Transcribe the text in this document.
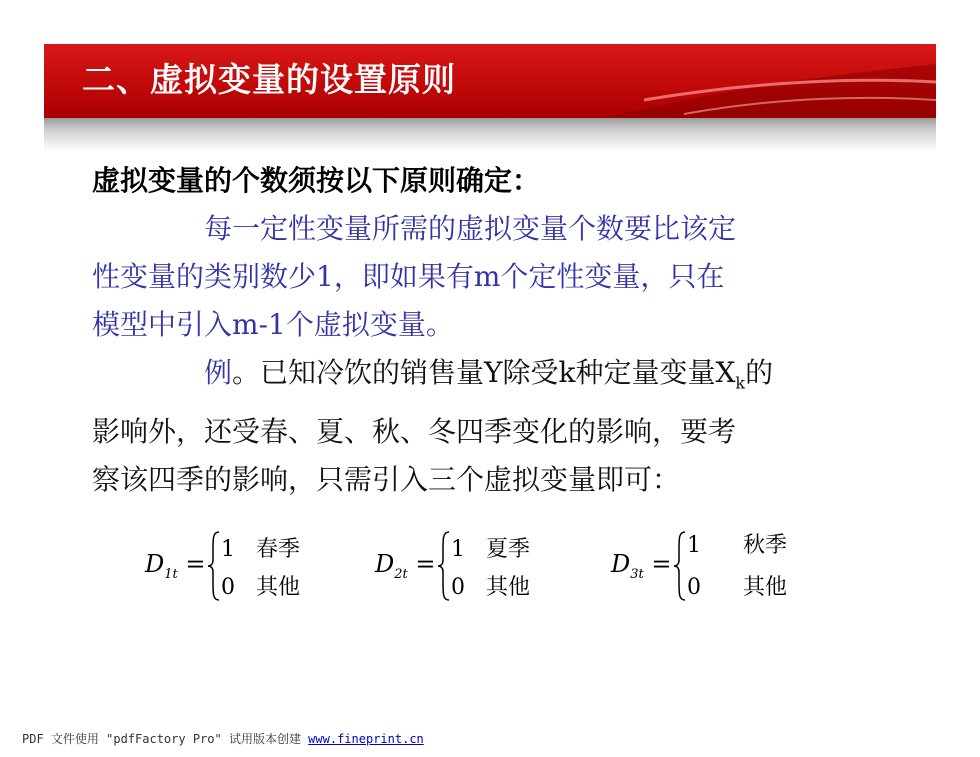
二、虚拟变量的设置原则
虚拟变量的个数须按以下原则确定：
每一定性变量所需的虚拟变量个数要比该定
性变量的类别数少1，即如果有m个定性变量，只在
模型中引入m-1个虚拟变量。
例。已知冷饮的销售量Y除受k种定量变量$X_k$的
影响外，还受春、夏、秋、冬四季变化的影响，要考
察该四季的影响，只需引入三个虚拟变量即可：
$D_{1t}$ =
1 春季
0 其他
$D_{2t}$ =
1 夏季
0 其他
$D_{3t}$ =
1 秋季
0 其他
PDF 文件使用 "pdfFactory Pro" 试用版本创建 www.fineprint.cn
